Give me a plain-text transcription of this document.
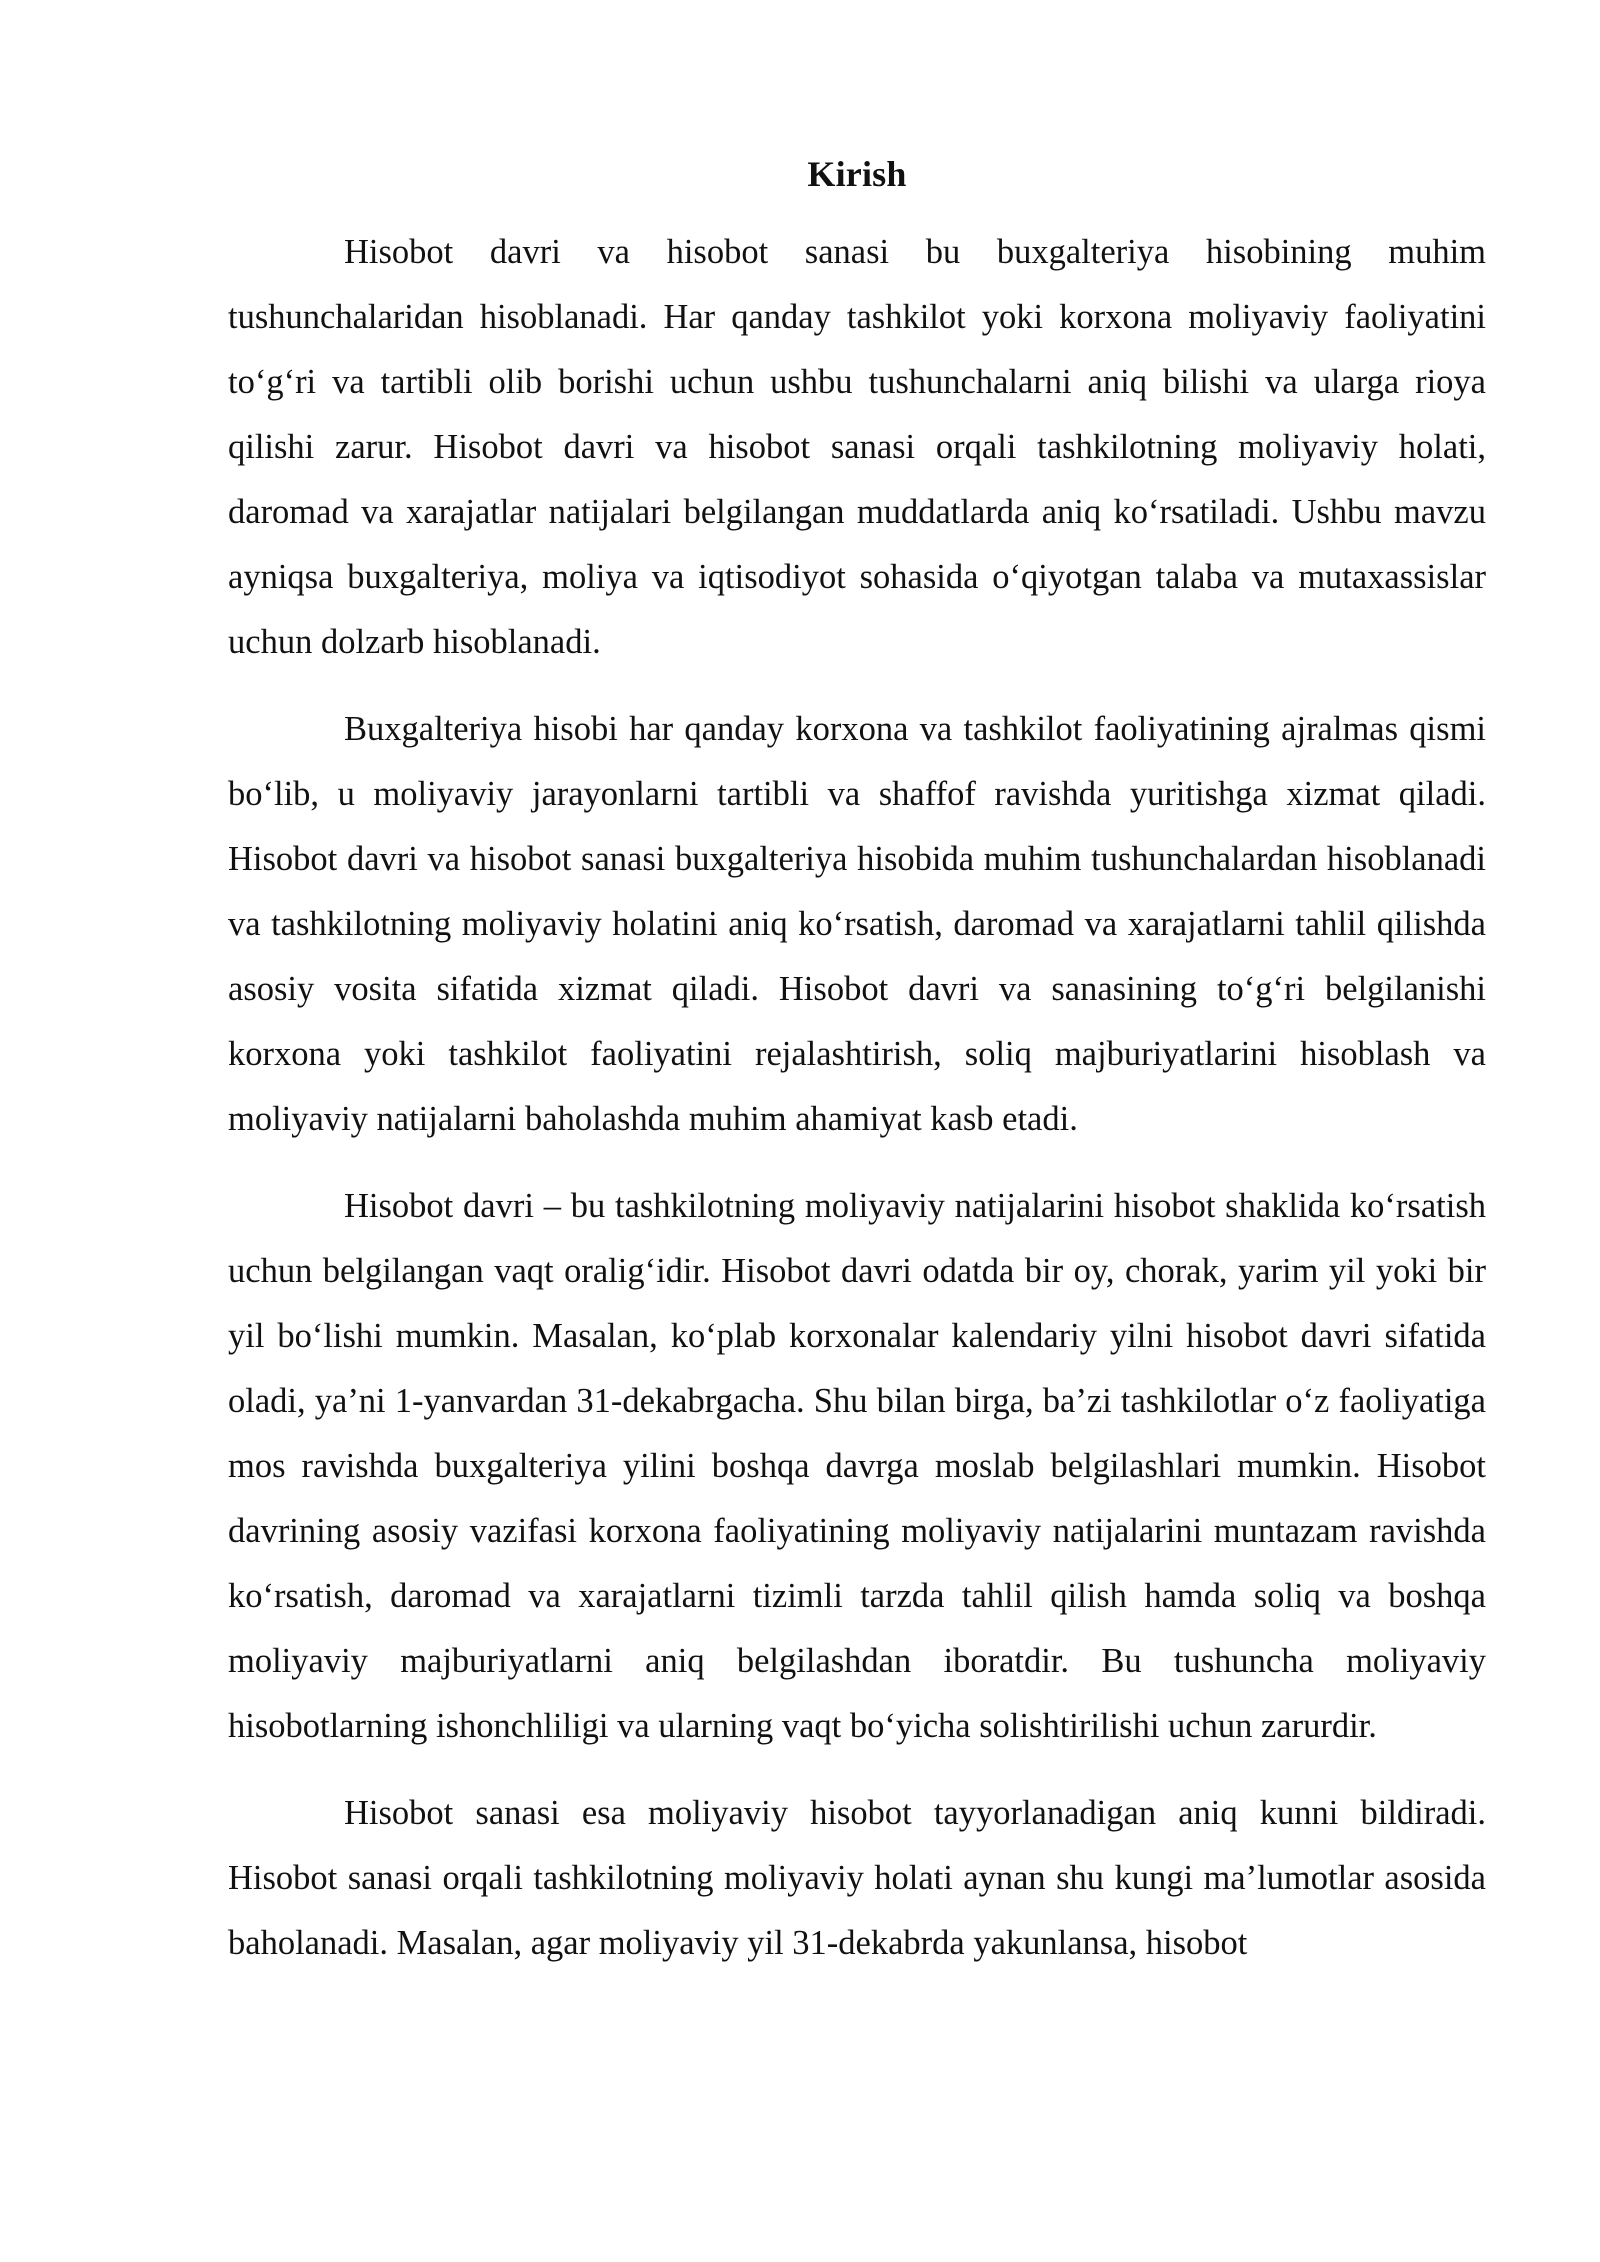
Kirish

Hisobot davri va hisobot sanasi bu buxgalteriya hisobining muhim tushunchalaridan hisoblanadi. Har qanday tashkilot yoki korxona moliyaviy faoliyatini to‘g‘ri va tartibli olib borishi uchun ushbu tushunchalarni aniq bilishi va ularga rioya qilishi zarur. Hisobot davri va hisobot sanasi orqali tashkilotning moliyaviy holati, daromad va xarajatlar natijalari belgilangan muddatlarda aniq ko‘rsatiladi. Ushbu mavzu ayniqsa buxgalteriya, moliya va iqtisodiyot sohasida o‘qiyotgan talaba va mutaxassislar uchun dolzarb hisoblanadi.

Buxgalteriya hisobi har qanday korxona va tashkilot faoliyatining ajralmas qismi bo‘lib, u moliyaviy jarayonlarni tartibli va shaffof ravishda yuritishga xizmat qiladi. Hisobot davri va hisobot sanasi buxgalteriya hisobida muhim tushunchalardan hisoblanadi va tashkilotning moliyaviy holatini aniq ko‘rsatish, daromad va xarajatlarni tahlil qilishda asosiy vosita sifatida xizmat qiladi. Hisobot davri va sanasining to‘g‘ri belgilanishi korxona yoki tashkilot faoliyatini rejalashtirish, soliq majburiyatlarini hisoblash va moliyaviy natijalarni baholashda muhim ahamiyat kasb etadi.

Hisobot davri – bu tashkilotning moliyaviy natijalarini hisobot shaklida ko‘rsatish uchun belgilangan vaqt oralig‘idir. Hisobot davri odatda bir oy, chorak, yarim yil yoki bir yil bo‘lishi mumkin. Masalan, ko‘plab korxonalar kalendariy yilni hisobot davri sifatida oladi, ya’ni 1-yanvardan 31-dekabrgacha. Shu bilan birga, ba’zi tashkilotlar o‘z faoliyatiga mos ravishda buxgalteriya yilini boshqa davrga moslab belgilashlari mumkin. Hisobot davrining asosiy vazifasi korxona faoliyatining moliyaviy natijalarini muntazam ravishda ko‘rsatish, daromad va xarajatlarni tizimli tarzda tahlil qilish hamda soliq va boshqa moliyaviy majburiyatlarni aniq belgilashdan iboratdir. Bu tushuncha moliyaviy hisobotlarning ishonchliligi va ularning vaqt bo‘yicha solishtirilishi uchun zarurdir.

Hisobot sanasi esa moliyaviy hisobot tayyorlanadigan aniq kunni bildiradi. Hisobot sanasi orqali tashkilotning moliyaviy holati aynan shu kungi ma’lumotlar asosida baholanadi. Masalan, agar moliyaviy yil 31-dekabrda yakunlansa, hisobot
